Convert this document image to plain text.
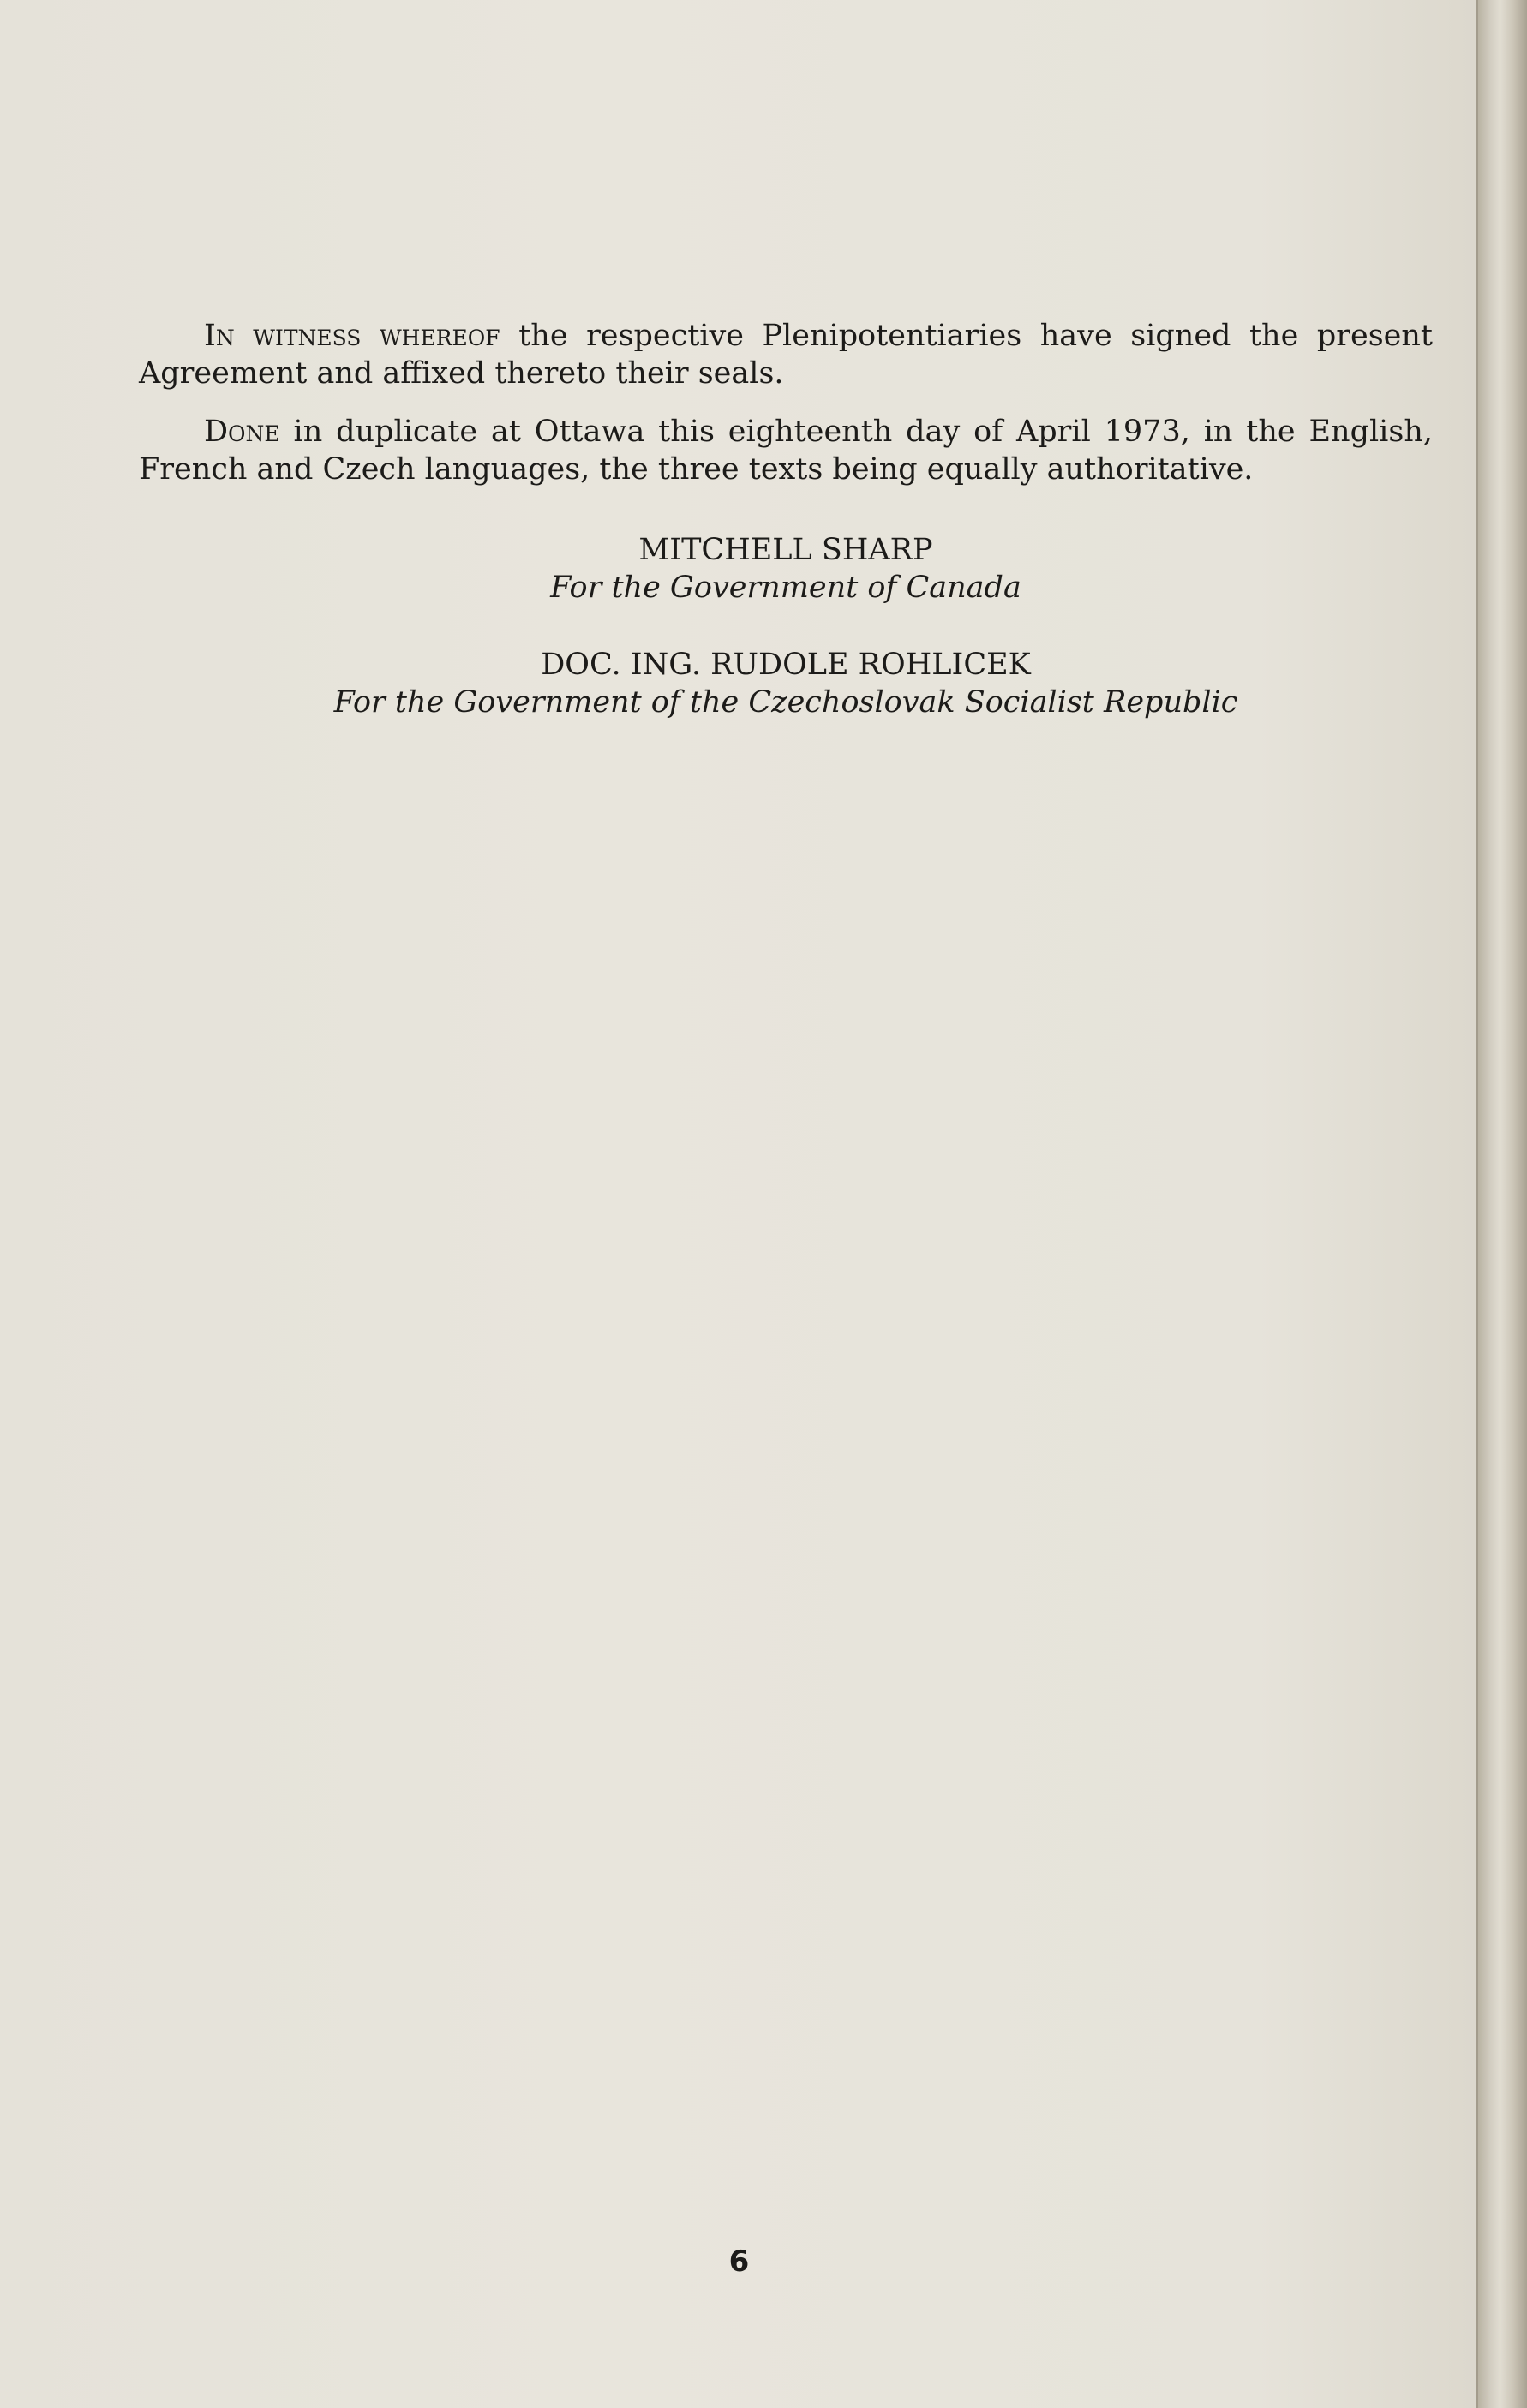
In witness whereof the respective Plenipotentiaries have signed the present Agreement and affixed thereto their seals.

Done in duplicate at Ottawa this eighteenth day of April 1973, in the English, French and Czech languages, the three texts being equally authoritative.

MITCHELL SHARP

For the Government of Canada

DOC. ING. RUDOLE ROHLICEK

For the Government of the Czechoslovak Socialist Republic

6
